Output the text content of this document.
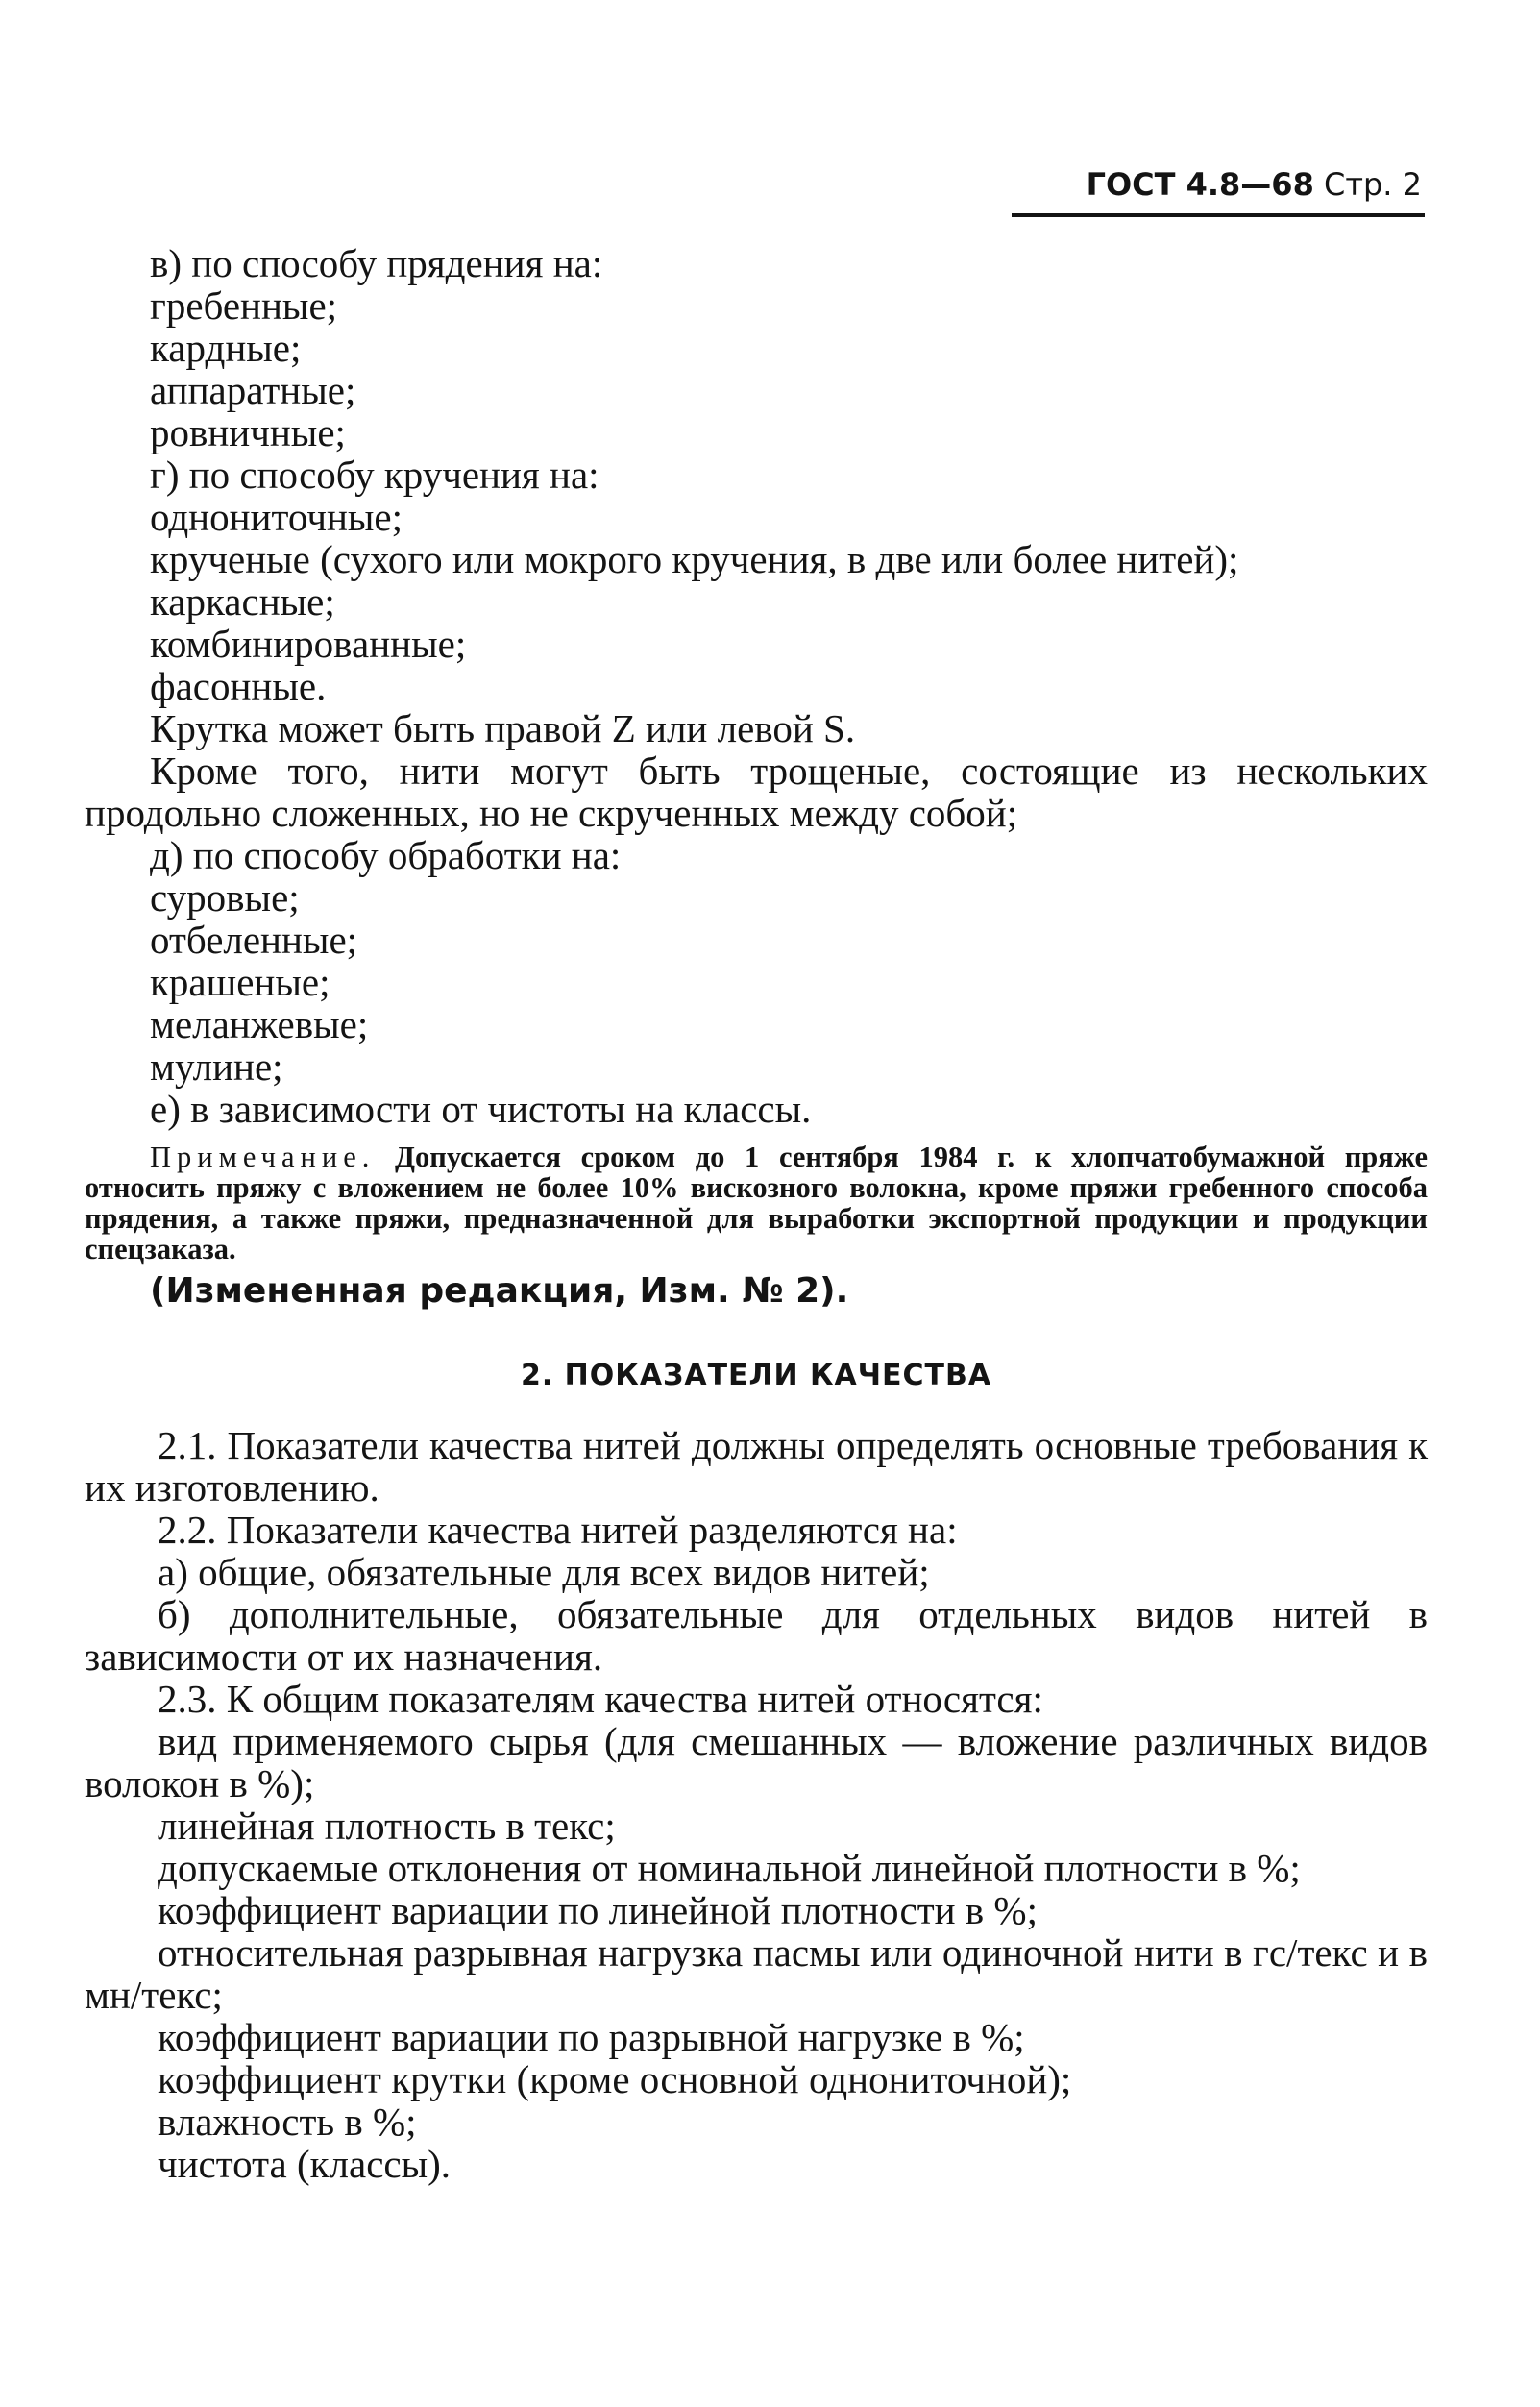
ГОСТ 4.8—68 Стр. 2

в) по способу прядения на:

гребенные;

кардные;

аппаратные;

ровничные;

г) по способу кручения на:

однониточные;

крученые (сухого или мокрого кручения, в две или более нитей);

каркасные;

комбинированные;

фасонные.

Крутка может быть правой Z или левой S.

Кроме того, нити могут быть трощеные, состоящие из нескольких продольно сложенных, но не скрученных между собой;

д) по способу обработки на:

суровые;

отбеленные;

крашеные;

меланжевые;

мулине;

е) в зависимости от чистоты на классы.

Примечание. Допускается сроком до 1 сентября 1984 г. к хлопчатобумажной пряже относить пряжу с вложением не более 10% вискозного волокна, кроме пряжи гребенного способа прядения, а также пряжи, предназначенной для выработки экспортной продукции и продукции спецзаказа.

(Измененная редакция, Изм. № 2).

2. ПОКАЗАТЕЛИ КАЧЕСТВА

2.1. Показатели качества нитей должны определять основные требования к их изготовлению.

2.2. Показатели качества нитей разделяются на:

а) общие, обязательные для всех видов нитей;

б) дополнительные, обязательные для отдельных видов нитей в зависимости от их назначения.

2.3. К общим показателям качества нитей относятся:

вид применяемого сырья (для смешанных — вложение различных видов волокон в %);

линейная плотность в текс;

допускаемые отклонения от номинальной линейной плотности в %;

коэффициент вариации по линейной плотности в %;

относительная разрывная нагрузка пасмы или одиночной нити в гс/текс и в мн/текс;

коэффициент вариации по разрывной нагрузке в %;

коэффициент крутки (кроме основной однониточной);

влажность в %;

чистота (классы).
